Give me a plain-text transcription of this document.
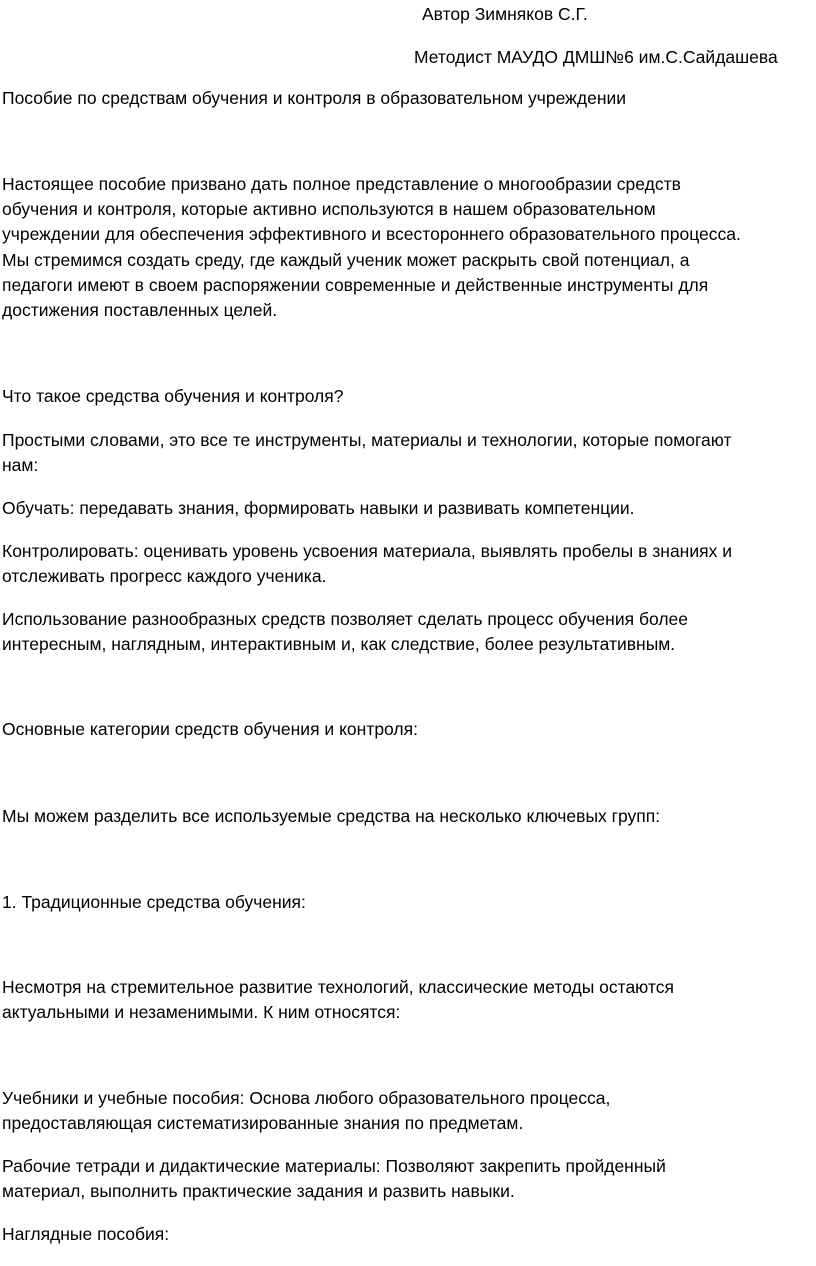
Автор Зимняков С.Г.
Методист МАУДО ДМШ№6 им.С.Сайдашева
Пособие по средствам обучения и контроля в образовательном учреждении
Настоящее пособие призвано дать полное представление о многообразии средств
обучения и контроля, которые активно используются в нашем образовательном
учреждении для обеспечения эффективного и всестороннего образовательного процесса.
Мы стремимся создать среду, где каждый ученик может раскрыть свой потенциал, а
педагоги имеют в своем распоряжении современные и действенные инструменты для
достижения поставленных целей.
Что такое средства обучения и контроля?
Простыми словами, это все те инструменты, материалы и технологии, которые помогают
нам:
Обучать: передавать знания, формировать навыки и развивать компетенции.
Контролировать: оценивать уровень усвоения материала, выявлять пробелы в знаниях и
отслеживать прогресс каждого ученика.
Использование разнообразных средств позволяет сделать процесс обучения более
интересным, наглядным, интерактивным и, как следствие, более результативным.
Основные категории средств обучения и контроля:
Мы можем разделить все используемые средства на несколько ключевых групп:
1. Традиционные средства обучения:
Несмотря на стремительное развитие технологий, классические методы остаются
актуальными и незаменимыми. К ним относятся:
Учебники и учебные пособия: Основа любого образовательного процесса,
предоставляющая систематизированные знания по предметам.
Рабочие тетради и дидактические материалы: Позволяют закрепить пройденный
материал, выполнить практические задания и развить навыки.
Наглядные пособия:
